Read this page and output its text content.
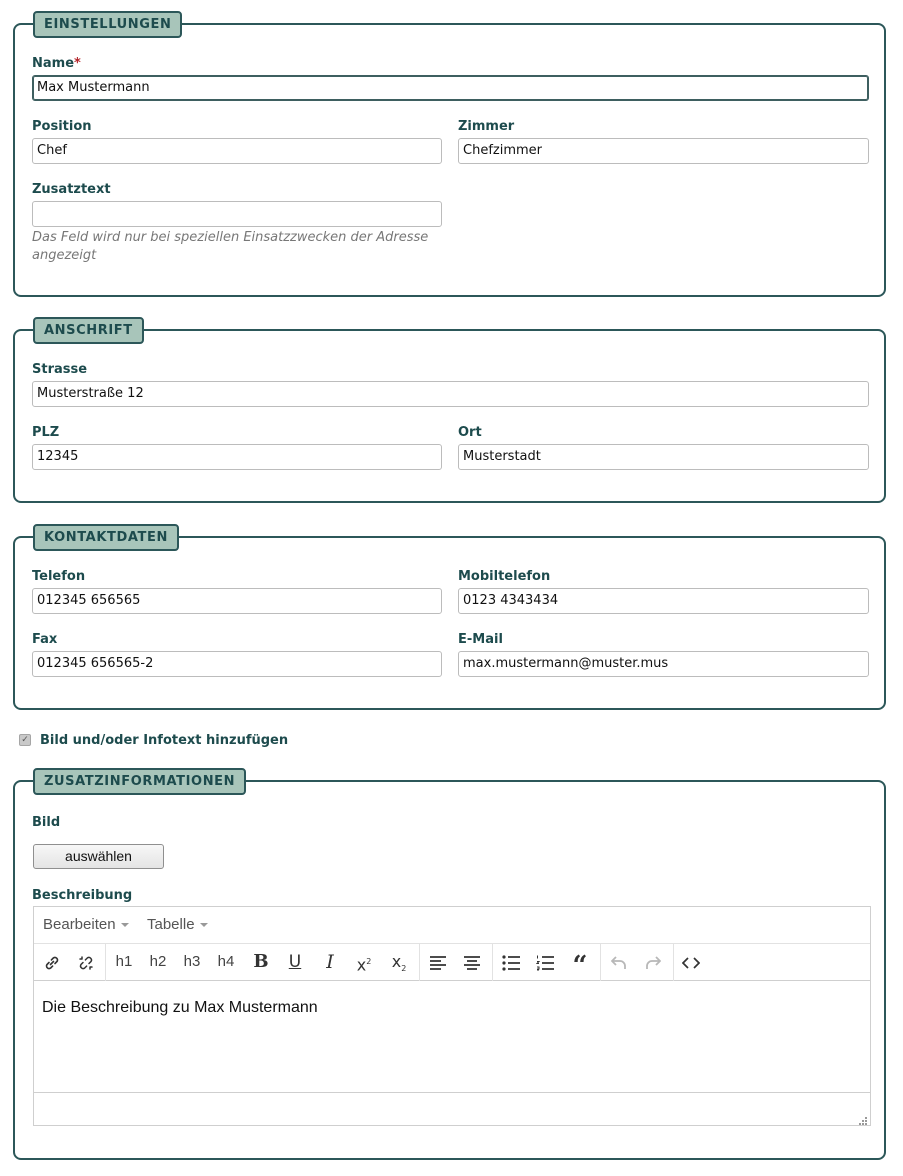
EINSTELLUNGEN
Name*
Max Mustermann
Position
Chef
Zimmer
Chefzimmer
Zusatztext
Das Feld wird nur bei speziellen Einsatzzwecken der Adresse angezeigt
ANSCHRIFT
Strasse
Musterstraße 12
PLZ
12345
Ort
Musterstadt
KONTAKTDATEN
Telefon
012345 656565
Mobiltelefon
0123 4343434
Fax
012345 656565-2
E-Mail
max.mustermann@muster.mus
✓ Bild und/oder Infotext hinzufügen
ZUSATZINFORMATIONEN
Bild
auswählen
Beschreibung
Bearbeiten	Tabelle
h1	h2	h3	h4	B	U	I	$x^2$	$x_2$	“
Die Beschreibung zu Max Mustermann
